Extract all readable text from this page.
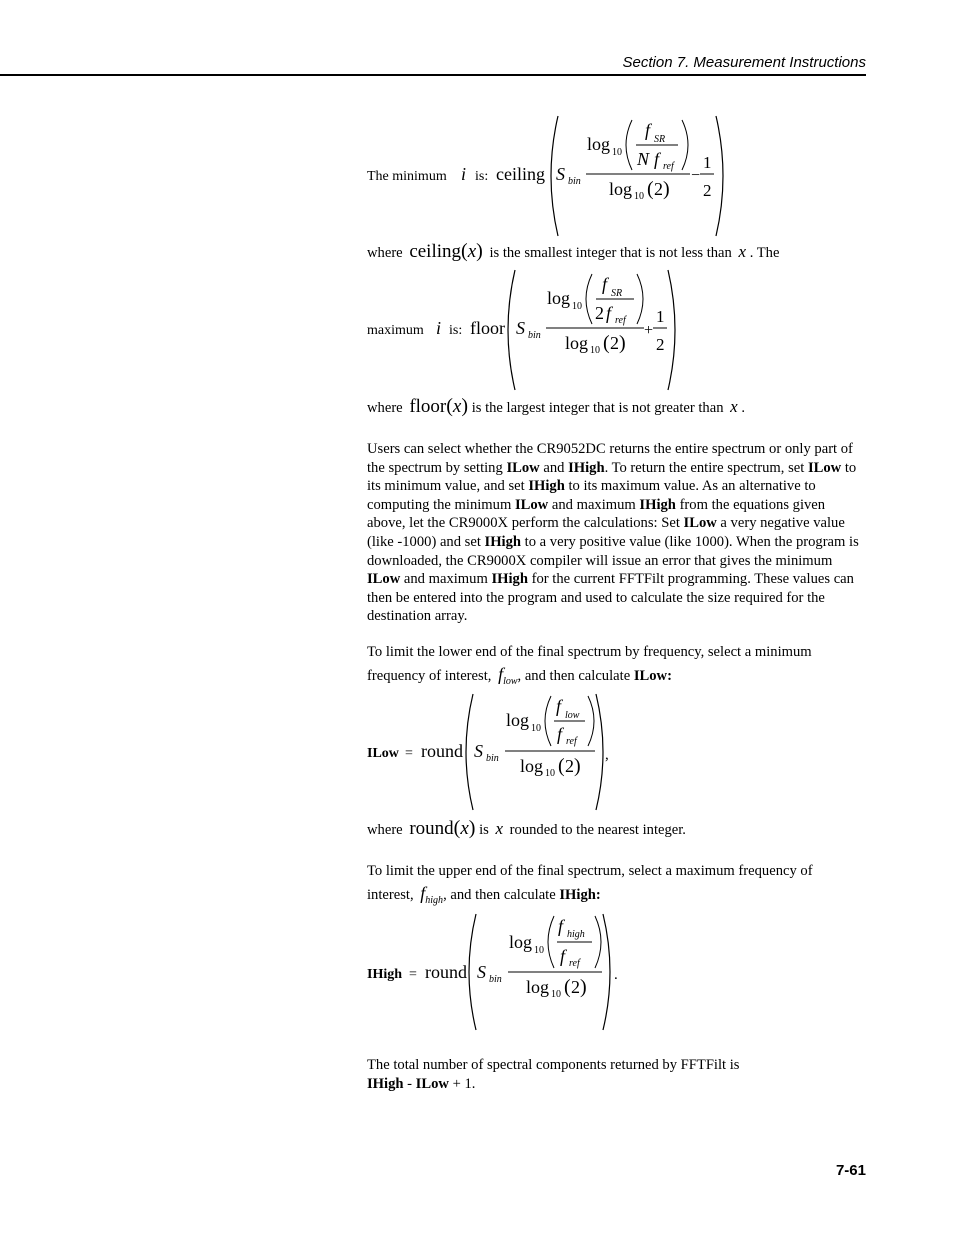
Section 7. Measurement Instructions
The minimum i is: ceiling S bin
log 10
f SR
N f ref
log 10 ( 2 )
−
1
2
where ceiling(x) is the smallest integer that is not less than x . The
maximum i is: floor S bin
log 10
f SR
2 f ref
log 10 ( 2 )
+
1
2
where floor(x) is the largest integer that is not greater than x .
Users can select whether the CR9052DC returns the entire spectrum or only part of the spectrum by setting ILow and IHigh. To return the entire spectrum, set ILow to its minimum value, and set IHigh to its maximum value. As an alternative to computing the minimum ILow and maximum IHigh from the equations given above, let the CR9000X perform the calculations: Set ILow a very negative value (like -1000) and set IHigh to a very positive value (like 1000). When the program is downloaded, the CR9000X compiler will issue an error that gives the minimum ILow and maximum IHigh for the current FFTFilt programming. These values can then be entered into the program and used to calculate the size required for the destination array.
To limit the lower end of the final spectrum by frequency, select a minimum
frequency of interest, $f_{low}$, and then calculate ILow:
ILow = round S bin
log 10
f low
f ref
log 10 ( 2 ) ,
where round(x) is x rounded to the nearest integer.
To limit the upper end of the final spectrum, select a maximum frequency of
interest, $f_{high}$, and then calculate IHigh:
IHigh = round S bin
log 10
f high
f ref
log 10 ( 2 )
.
The total number of spectral components returned by FFTFilt is
IHigh - ILow + 1.
7-61
